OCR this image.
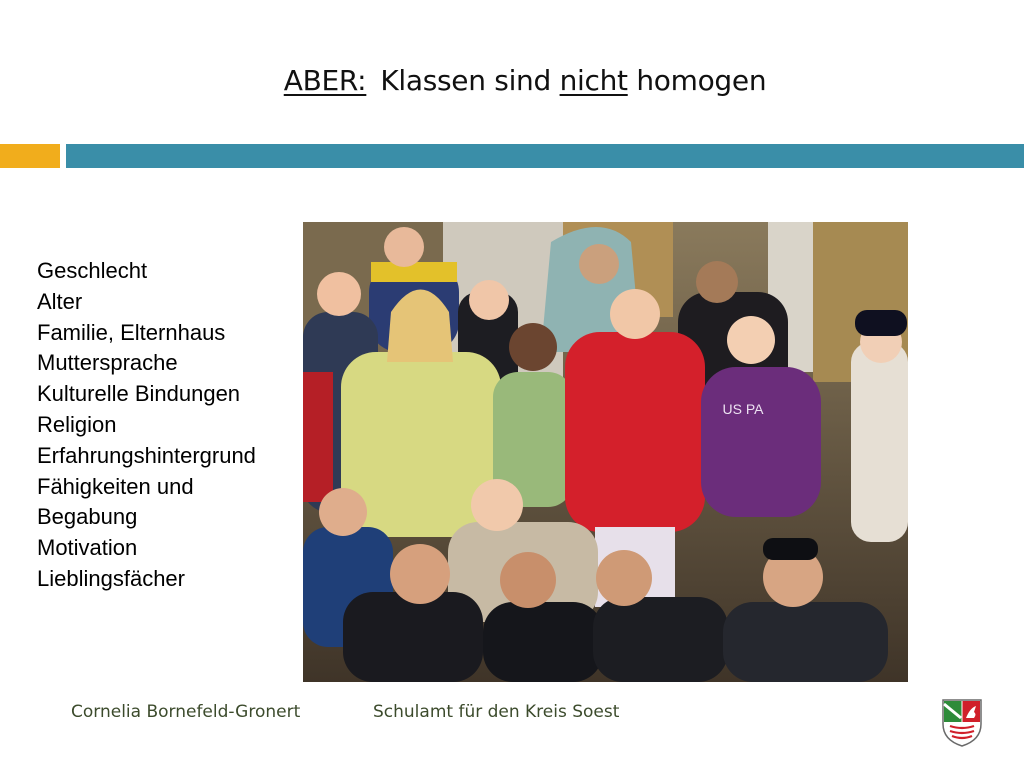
ABER: Klassen sind nicht homogen
Geschlecht
Alter
Familie, Elternhaus
Muttersprache
Kulturelle Bindungen
Religion
Erfahrungshintergrund
Fähigkeiten und
Begabung
Motivation
Lieblingsfächer
US PA
Cornelia Bornefeld-Gronert	Schulamt für den Kreis Soest
